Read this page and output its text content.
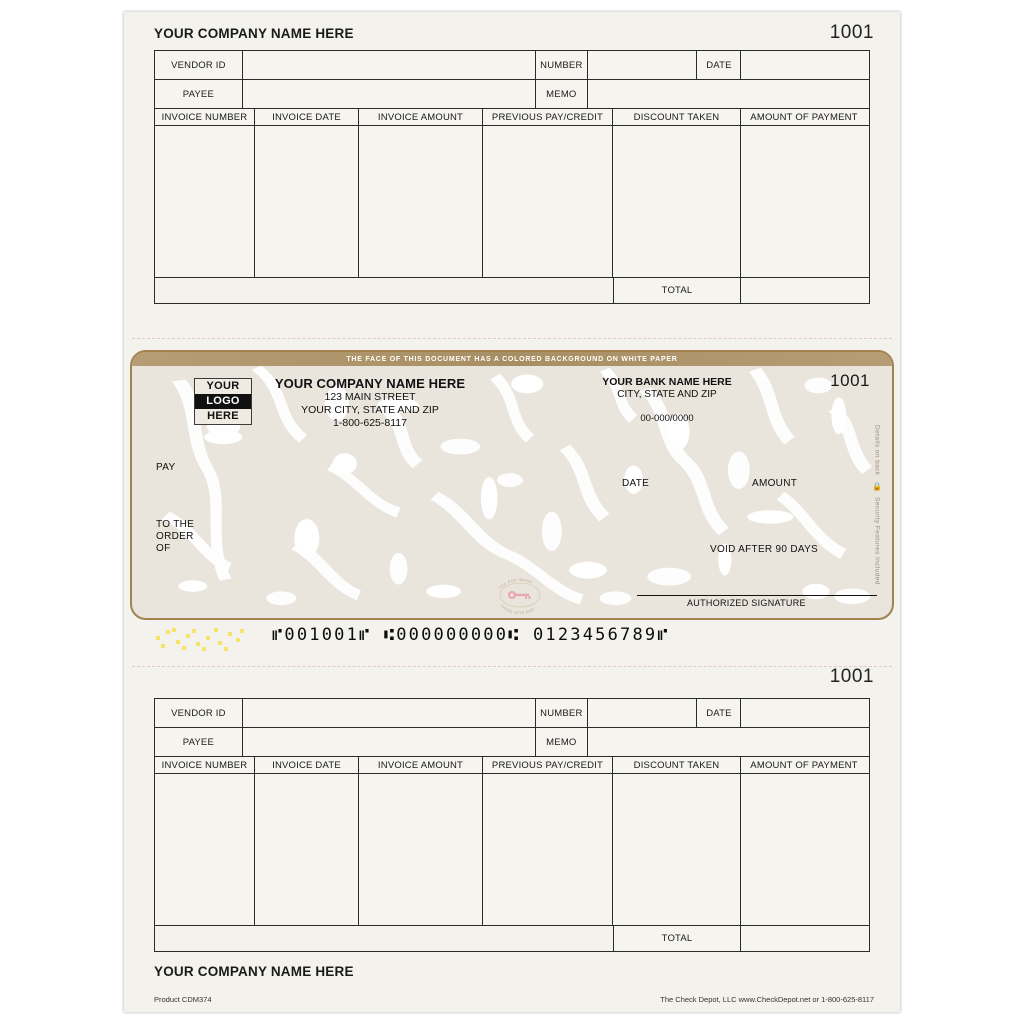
YOUR COMPANY NAME HERE	1001
VENDOR ID	NUMBER	DATE
PAYEE	MEMO
INVOICE NUMBER	INVOICE DATE	INVOICE AMOUNT	PREVIOUS PAY/CREDIT	DISCOUNT TAKEN	AMOUNT OF PAYMENT
TOTAL
THE FACE OF THIS DOCUMENT HAS A COLORED BACKGROUND ON WHITE PAPER
YOUR
LOGO
HERE
YOUR COMPANY NAME HERE
123 MAIN STREET
YOUR CITY, STATE AND ZIP
1-800-625-8117
YOUR BANK NAME HERE
CITY, STATE AND ZIP
00-000/0000
1001
PAY
TO THE
ORDER
OF
DATE	AMOUNT
VOID AFTER 90 DAYS
AUTHORIZED SIGNATURE
THE RED IMAGE
FADES WITH AGE
Details on back
🔒
Security Features Included
⑈001001⑈ ⑆000000000⑆ 0123456789⑈
1001
VENDOR ID	NUMBER	DATE
PAYEE	MEMO
INVOICE NUMBER	INVOICE DATE	INVOICE AMOUNT	PREVIOUS PAY/CREDIT	DISCOUNT TAKEN	AMOUNT OF PAYMENT
TOTAL
YOUR COMPANY NAME HERE
Product CDM374	The Check Depot, LLC www.CheckDepot.net or 1-800-625-8117
